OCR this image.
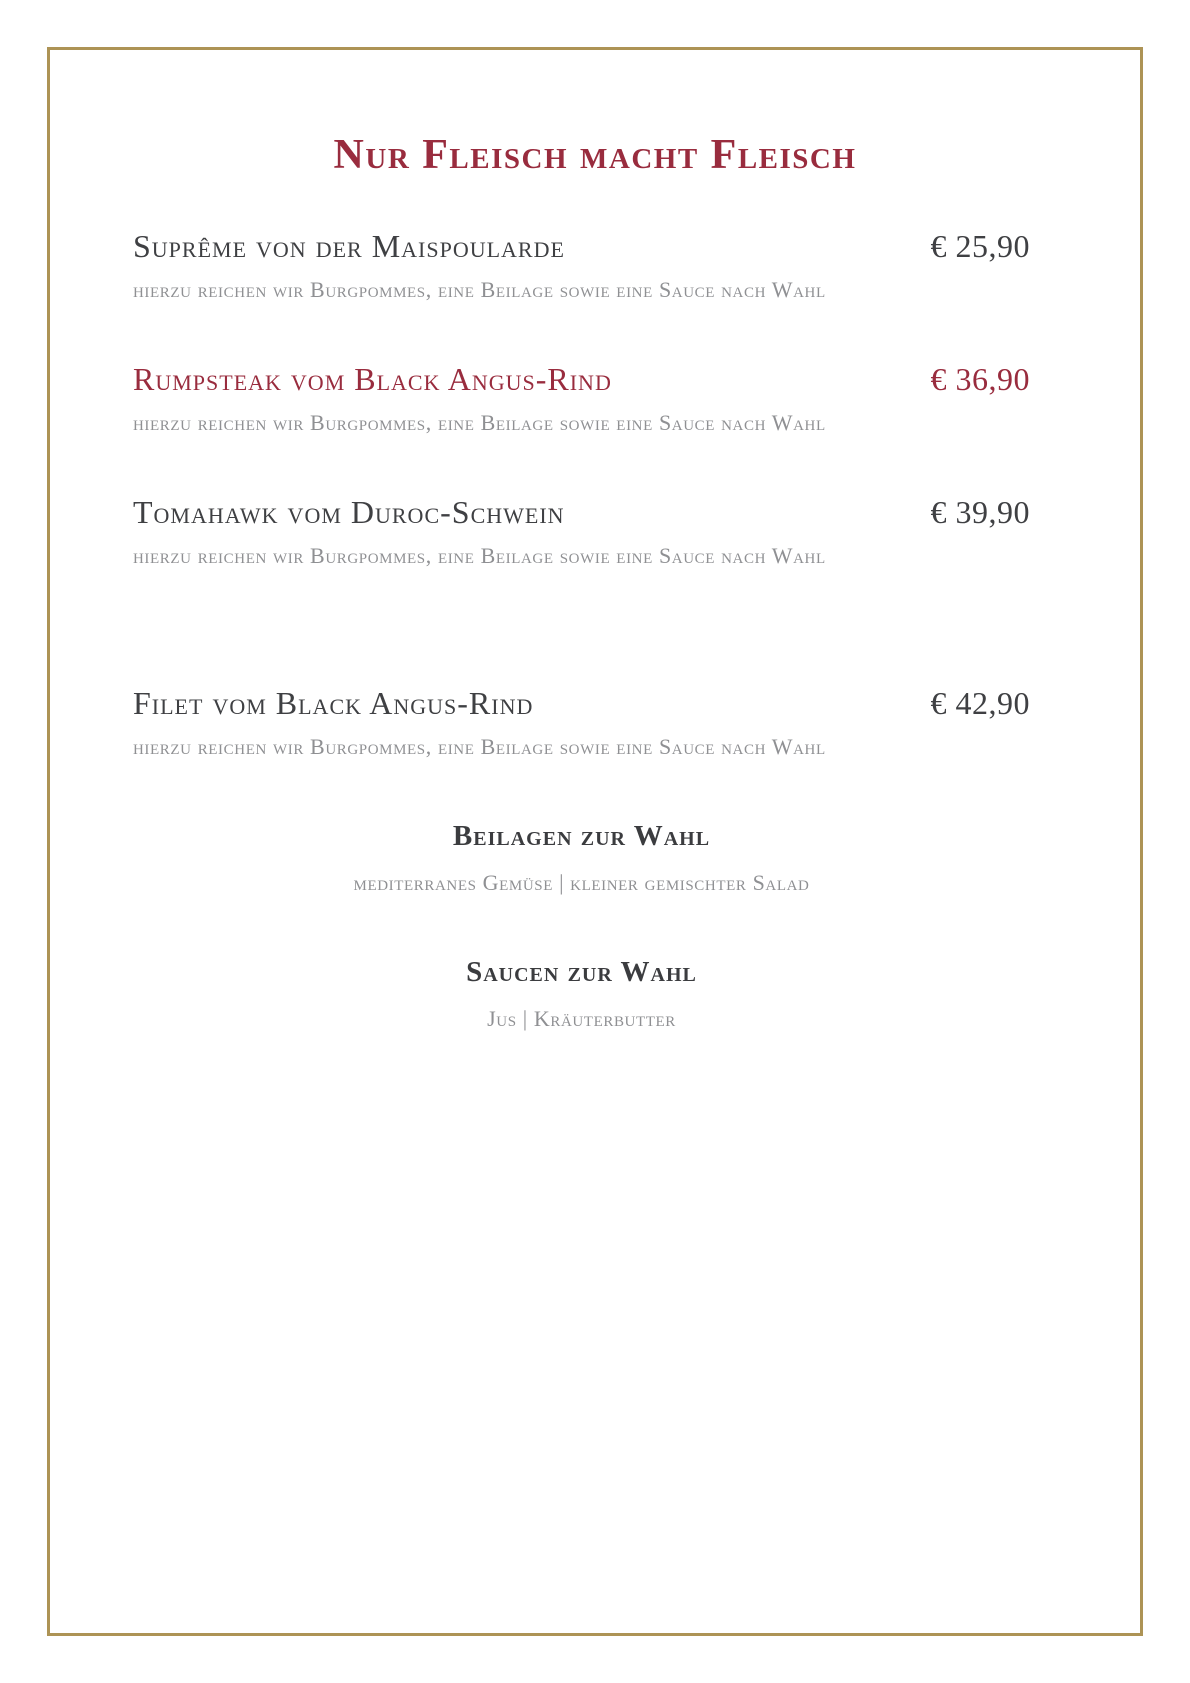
Nur Fleisch macht Fleisch
Suprême von der Maispoularde	€ 25,90
hierzu reichen wir Burgpommes, eine Beilage sowie eine Sauce nach Wahl
Rumpsteak vom Black Angus-Rind	€ 36,90
hierzu reichen wir Burgpommes, eine Beilage sowie eine Sauce nach Wahl
Tomahawk vom Duroc-Schwein	€ 39,90
hierzu reichen wir Burgpommes, eine Beilage sowie eine Sauce nach Wahl
Filet vom Black Angus-Rind	€ 42,90
hierzu reichen wir Burgpommes, eine Beilage sowie eine Sauce nach Wahl
Beilagen zur Wahl

mediterranes Gemüse | kleiner gemischter Salad

Saucen zur Wahl

Jus | Kräuterbutter
